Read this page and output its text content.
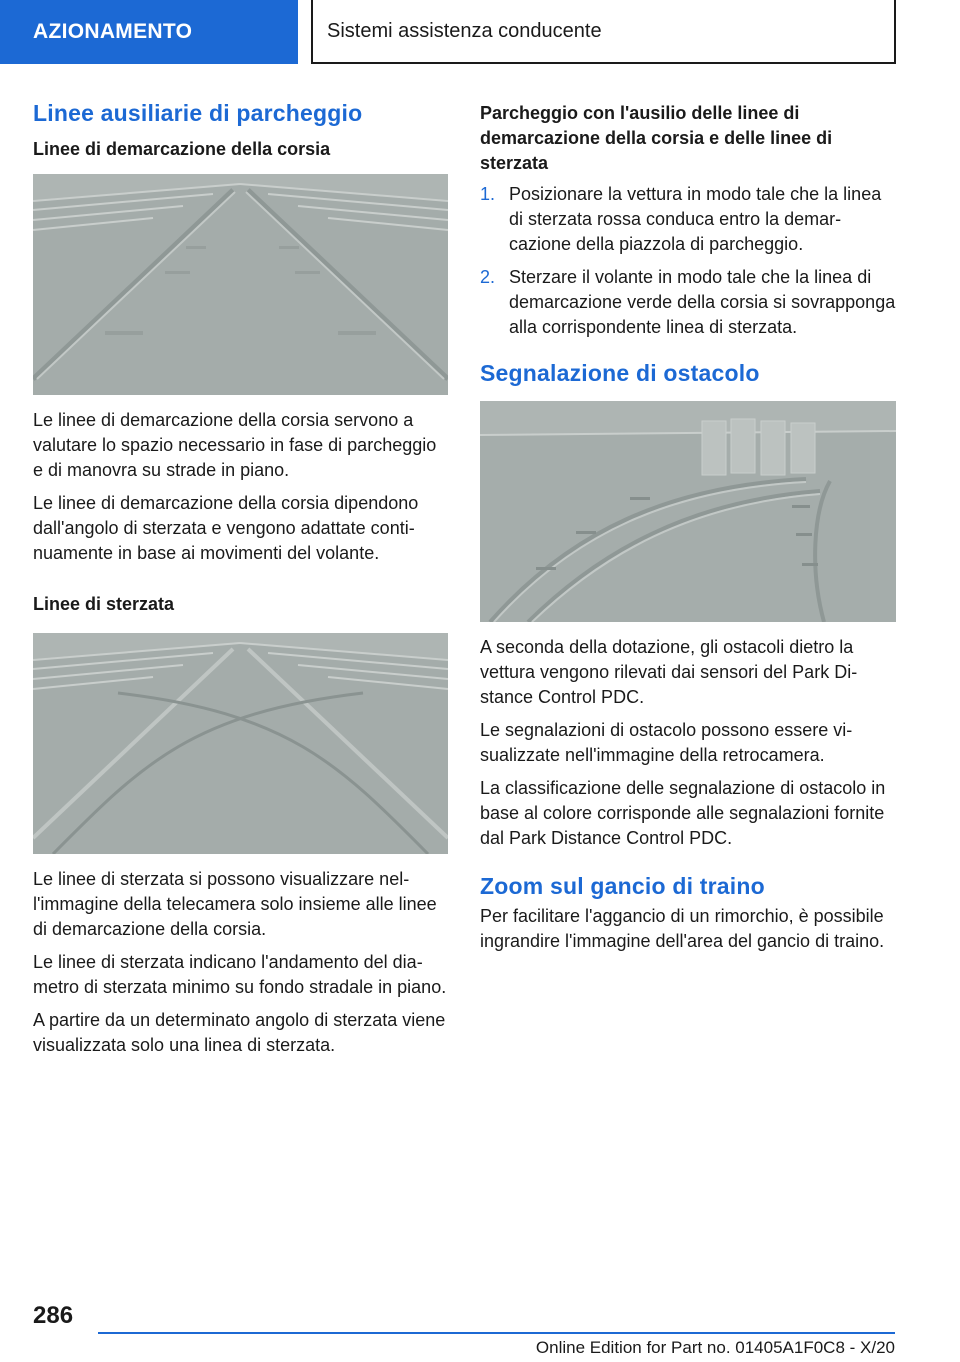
AZIONAMENTO	Sistemi assistenza conducente
Linee ausiliarie di parcheggio
Linee di demarcazione della corsia

Le linee di demarcazione della corsia servono a valutare lo spazio necessario in fase di parcheggio e di manovra su strade in piano.

Le linee di demarcazione della corsia dipendono dall'angolo di sterzata e vengono adattate continuamente in base ai movimenti del volante.

Linee di sterzata

Le linee di sterzata si possono visualizzare nell'immagine della telecamera solo insieme alle linee di demarcazione della corsia.

Le linee di sterzata indicano l'andamento del diametro di sterzata minimo su fondo stradale in piano.

A partire da un determinato angolo di sterzata viene visualizzata solo una linea di sterzata.

Parcheggio con l'ausilio delle linee di demarcazione della corsia e delle linee di sterzata
1. Posizionare la vettura in modo tale che la linea di sterzata rossa conduca entro la demarcazione della piazzola di parcheggio.
2. Sterzare il volante in modo tale che la linea di demarcazione verde della corsia si sovrapponga alla corrispondente linea di sterzata.
Segnalazione di ostacolo

A seconda della dotazione, gli ostacoli dietro la vettura vengono rilevati dai sensori del Park Distance Control PDC.

Le segnalazioni di ostacolo possono essere visualizzate nell'immagine della retrocamera.

La classificazione delle segnalazione di ostacolo in base al colore corrisponde alle segnalazioni fornite dal Park Distance Control PDC.

Zoom sul gancio di traino

Per facilitare l'aggancio di un rimorchio, è possibile ingrandire l'immagine dell'area del gancio di traino.

286
Online Edition for Part no. 01405A1F0C8 - X/20
